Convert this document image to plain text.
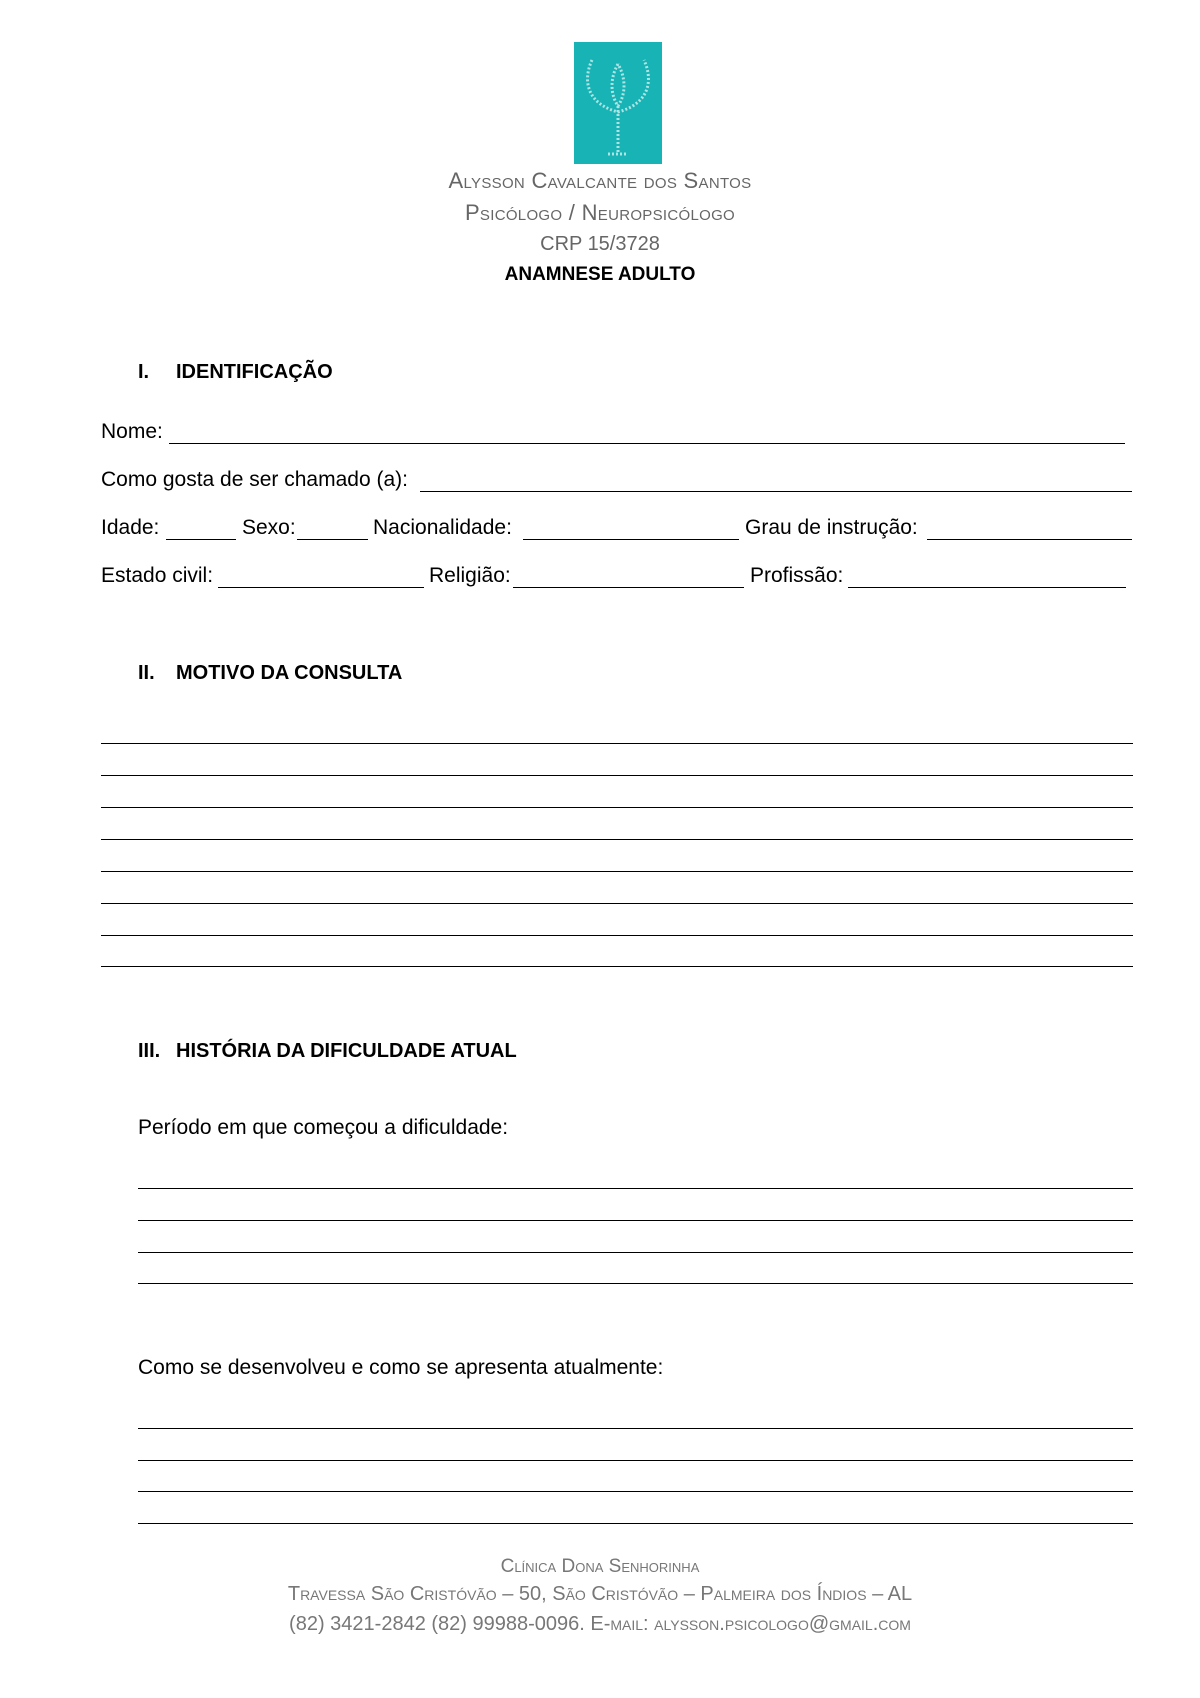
Alysson Cavalcante dos Santos
Psicólogo / Neuropsicólogo
CRP 15/3728
ANAMNESE ADULTO
I. IDENTIFICAÇÃO
Nome:
Como gosta de ser chamado (a):
Idade:	Sexo:	Nacionalidade:	Grau de instrução:
Estado civil:	Religião:	Profissão:
II. MOTIVO DA CONSULTA
III. HISTÓRIA DA DIFICULDADE ATUAL
Período em que começou a dificuldade:
Como se desenvolveu e como se apresenta atualmente:
Clínica Dona Senhorinha
Travessa São Cristóvão – 50, São Cristóvão – Palmeira dos Índios – AL
(82) 3421-2842 (82) 99988-0096. E-mail: alysson.psicologo@gmail.com
